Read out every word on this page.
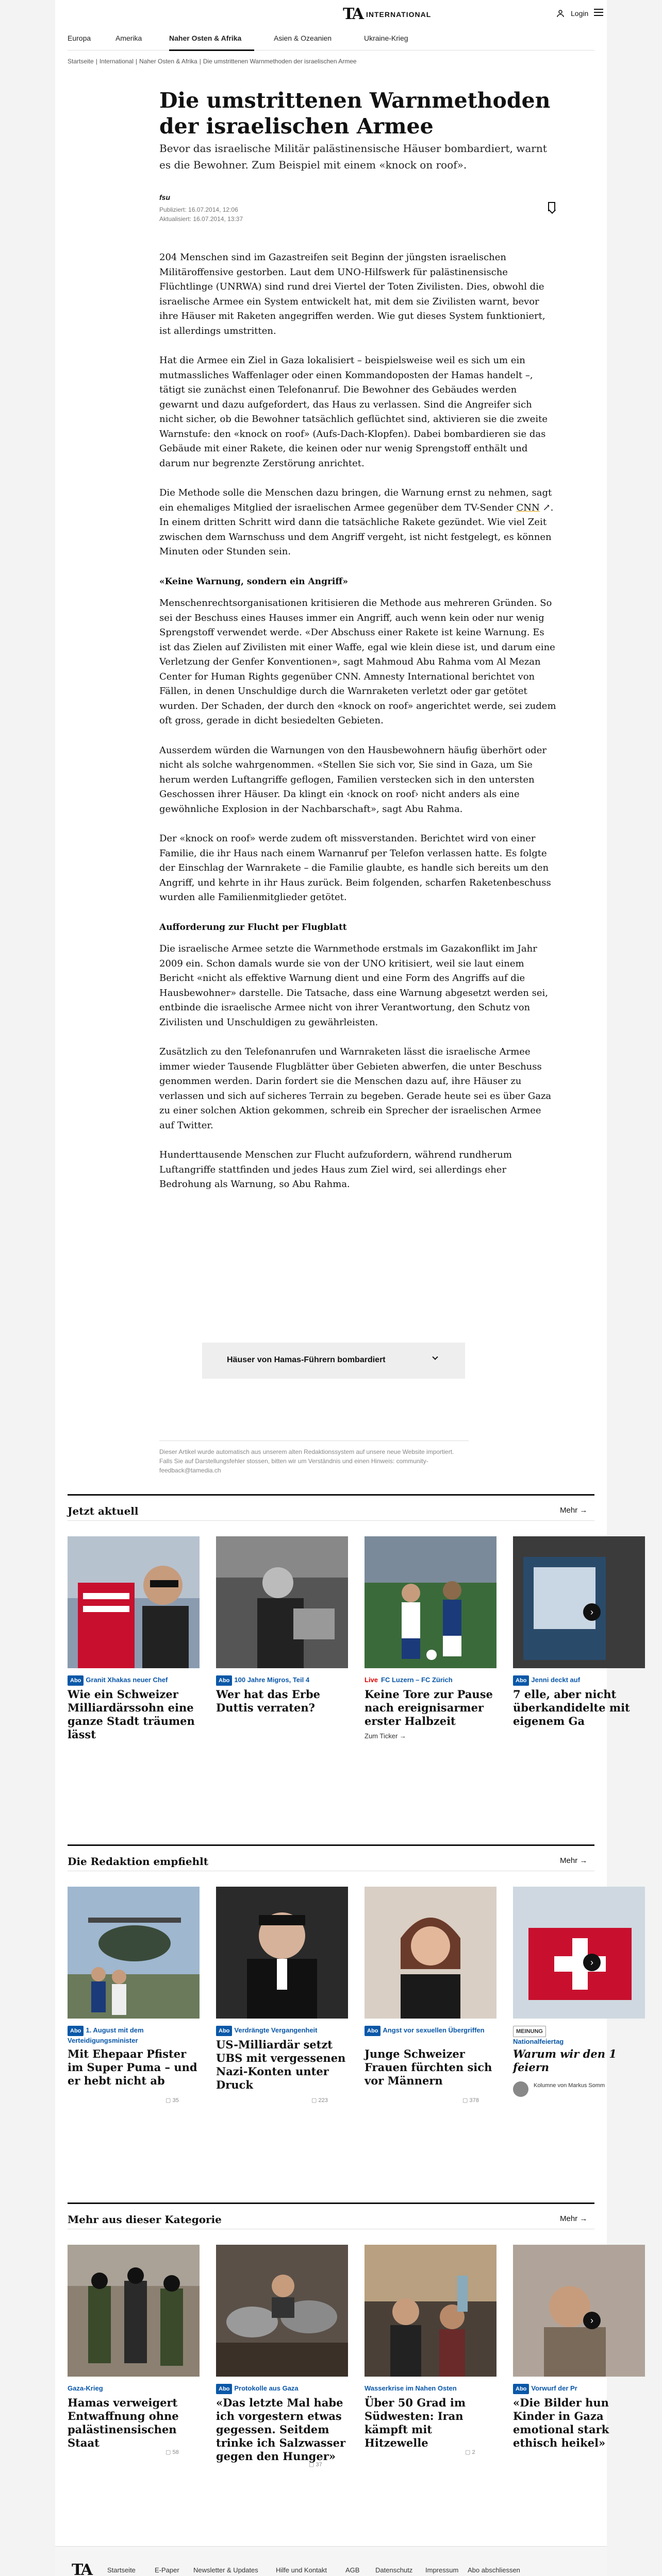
TA INTERNATIONAL	Login
Europa	Amerika	Naher Osten & Afrika	Asien & Ozeanien	Ukraine-Krieg
Startseite | International | Naher Osten & Afrika | Die umstrittenen Warnmethoden der israelischen Armee
Die umstrittenen Warnmethoden der israelischen Armee

Bevor das israelische Militär palästinensische Häuser bombardiert, warnt es die Bewohner. Zum Beispiel mit einem «knock on roof».

fsu
Publiziert: 16.07.2014, 12:06
Aktualisiert: 16.07.2014, 13:37

204 Menschen sind im Gazastreifen seit Beginn der jüngsten israelischen Militäroffensive gestorben. Laut dem UNO-Hilfswerk für palästinensische Flüchtlinge (UNRWA) sind rund drei Viertel der Toten Zivilisten. Dies, obwohl die israelische Armee ein System entwickelt hat, mit dem sie Zivilisten warnt, bevor ihre Häuser mit Raketen angegriffen werden. Wie gut dieses System funktioniert, ist allerdings umstritten.

Hat die Armee ein Ziel in Gaza lokalisiert – beispielsweise weil es sich um ein mutmassliches Waffenlager oder einen Kommandoposten der Hamas handelt –, tätigt sie zunächst einen Telefonanruf. Die Bewohner des Gebäudes werden gewarnt und dazu aufgefordert, das Haus zu verlassen. Sind die Angreifer sich nicht sicher, ob die Bewohner tatsächlich geflüchtet sind, aktivieren sie die zweite Warnstufe: den «knock on roof» (Aufs-Dach-Klopfen). Dabei bombardieren sie das Gebäude mit einer Rakete, die keinen oder nur wenig Sprengstoff enthält und darum nur begrenzte Zerstörung anrichtet.

Die Methode solle die Menschen dazu bringen, die Warnung ernst zu nehmen, sagt ein ehemaliges Mitglied der israelischen Armee gegenüber dem TV-Sender CNN ↗. In einem dritten Schritt wird dann die tatsächliche Rakete gezündet. Wie viel Zeit zwischen dem Warnschuss und dem Angriff vergeht, ist nicht festgelegt, es können Minuten oder Stunden sein.

«Keine Warnung, sondern ein Angriff»

Menschenrechtsorganisationen kritisieren die Methode aus mehreren Gründen. So sei der Beschuss eines Hauses immer ein Angriff, auch wenn kein oder nur wenig Sprengstoff verwendet werde. «Der Abschuss einer Rakete ist keine Warnung. Es ist das Zielen auf Zivilisten mit einer Waffe, egal wie klein diese ist, und darum eine Verletzung der Genfer Konventionen», sagt Mahmoud Abu Rahma vom Al Mezan Center for Human Rights gegenüber CNN. Amnesty International berichtet von Fällen, in denen Unschuldige durch die Warnraketen verletzt oder gar getötet wurden. Der Schaden, der durch den «knock on roof» angerichtet werde, sei zudem oft gross, gerade in dicht besiedelten Gebieten.

Ausserdem würden die Warnungen von den Hausbewohnern häufig überhört oder nicht als solche wahrgenommen. «Stellen Sie sich vor, Sie sind in Gaza, um Sie herum werden Luftangriffe geflogen, Familien verstecken sich in den untersten Geschossen ihrer Häuser. Da klingt ein ‹knock on roof› nicht anders als eine gewöhnliche Explosion in der Nachbarschaft», sagt Abu Rahma.

Der «knock on roof» werde zudem oft missverstanden. Berichtet wird von einer Familie, die ihr Haus nach einem Warnanruf per Telefon verlassen hatte. Es folgte der Einschlag der Warnrakete – die Familie glaubte, es handle sich bereits um den Angriff, und kehrte in ihr Haus zurück. Beim folgenden, scharfen Raketenbeschuss wurden alle Familienmitglieder getötet.

Aufforderung zur Flucht per Flugblatt

Die israelische Armee setzte die Warnmethode erstmals im Gazakonflikt im Jahr 2009 ein. Schon damals wurde sie von der UNO kritisiert, weil sie laut einem Bericht «nicht als effektive Warnung dient und eine Form des Angriffs auf die Hausbewohner» darstelle. Die Tatsache, dass eine Warnung abgesetzt werden sei, entbinde die israelische Armee nicht von ihrer Verantwortung, den Schutz von Zivilisten und Unschuldigen zu gewährleisten.

Zusätzlich zu den Telefonanrufen und Warnraketen lässt die israelische Armee immer wieder Tausende Flugblätter über Gebieten abwerfen, die unter Beschuss genommen werden. Darin fordert sie die Menschen dazu auf, ihre Häuser zu verlassen und sich auf sicheres Terrain zu begeben. Gerade heute sei es über Gaza zu einer solchen Aktion gekommen, schreib ein Sprecher der israelischen Armee auf Twitter.

Hunderttausende Menschen zur Flucht aufzufordern, während rundherum Luftangriffe stattfinden und jedes Haus zum Ziel wird, sei allerdings eher Bedrohung als Warnung, so Abu Rahma.

Häuser von Hamas-Führern bombardiert
Dieser Artikel wurde automatisch aus unserem alten Redaktionssystem auf unsere neue Website importiert. Falls Sie auf Darstellungsfehler stossen, bitten wir um Verständnis und einen Hinweis: community-feedback@tamedia.ch
Jetzt aktuell	Mehr →
Abo Granit Xhakas neuer Chef
Wie ein Schweizer Milliardärssohn eine ganze Stadt träumen lässt
Abo 100 Jahre Migros, Teil 4
Wer hat das Erbe Duttis verraten?
Live FC Luzern – FC Zürich
Keine Tore zur Pause nach ereignisarmer erster Halbzeit
Zum Ticker →
Abo Jenni deckt auf
7 elle, aber nicht überkandidelte mit eigenem Ga
›
Die Redaktion empfiehlt	Mehr →
Abo 1. August mit dem Verteidigungsminister
Mit Ehepaar Pfister im Super Puma – und er hebt nicht ab
▢ 35
Abo Verdrängte Vergangenheit
US-Milliardär setzt UBS mit vergessenen Nazi-Konten unter Druck
▢ 223
Abo Angst vor sexuellen Übergriffen
Junge Schweizer Frauen fürchten sich vor Männern
▢ 378
MEINUNG
Nationalfeiertag
Warum wir den 1 feiern
Kolumne von Markus Somm
›
Mehr aus dieser Kategorie	Mehr →
Gaza-Krieg
Hamas verweigert Entwaffnung ohne palästinensischen Staat
▢ 58
Abo Protokolle aus Gaza
«Das letzte Mal habe ich vorgestern etwas gegessen. Seitdem trinke ich Salzwasser gegen den Hunger»
▢ 37
Wasserkrise im Nahen Osten
Über 50 Grad im Südwesten: Iran kämpft mit Hitzewelle
▢ 2
Abo Vorwurf der Pr
«Die Bilder hun Kinder in Gaza emotional stark ethisch heikel»
›
TA Startseite	E-Paper Newsletter & Updates	Hilfe und Kontakt	AGB Datenschutz Impressum Abo abschliessen
